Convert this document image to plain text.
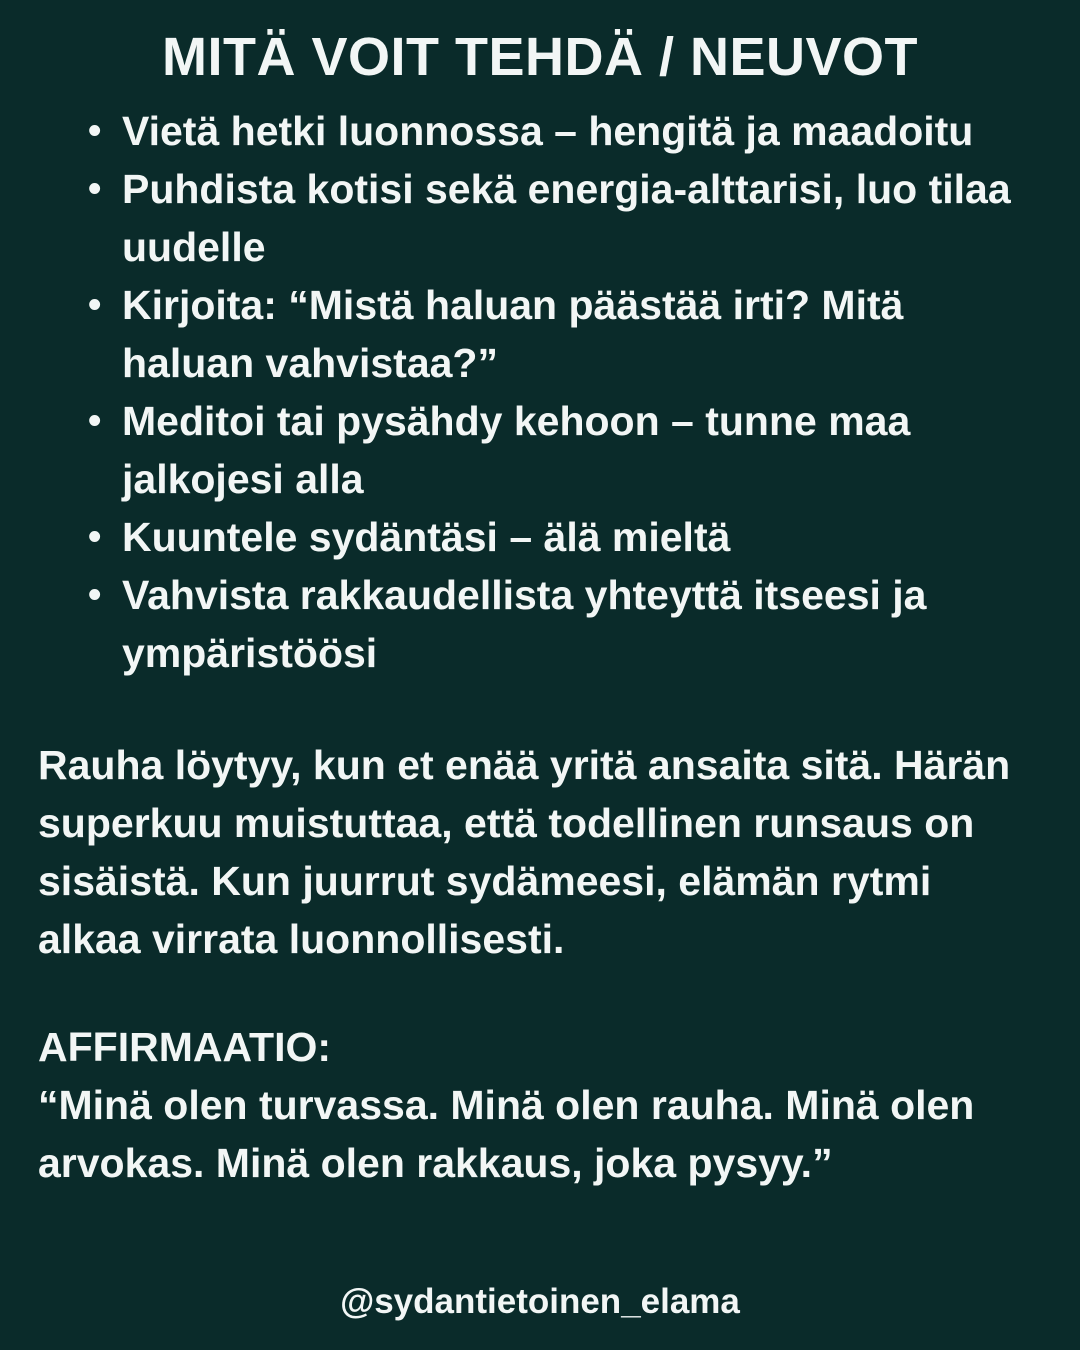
MITÄ VOIT TEHDÄ / NEUVOT
• Vietä hetki luonnossa – hengitä ja maadoitu
• Puhdista kotisi sekä energia-alttarisi, luo tilaa uudelle
• Kirjoita: “Mistä haluan päästää irti? Mitä haluan vahvistaa?”
• Meditoi tai pysähdy kehoon – tunne maa jalkojesi alla
• Kuuntele sydäntäsi – älä mieltä
• Vahvista rakkaudellista yhteyttä itseesi ja ympäristöösi

Rauha löytyy, kun et enää yritä ansaita sitä. Härän superkuu muistuttaa, että todellinen runsaus on sisäistä. Kun juurrut sydämeesi, elämän rytmi alkaa virrata luonnollisesti.

AFFIRMAATIO:

“Minä olen turvassa. Minä olen rauha. Minä olen arvokas. Minä olen rakkaus, joka pysyy.”

@sydantietoinen_elama
